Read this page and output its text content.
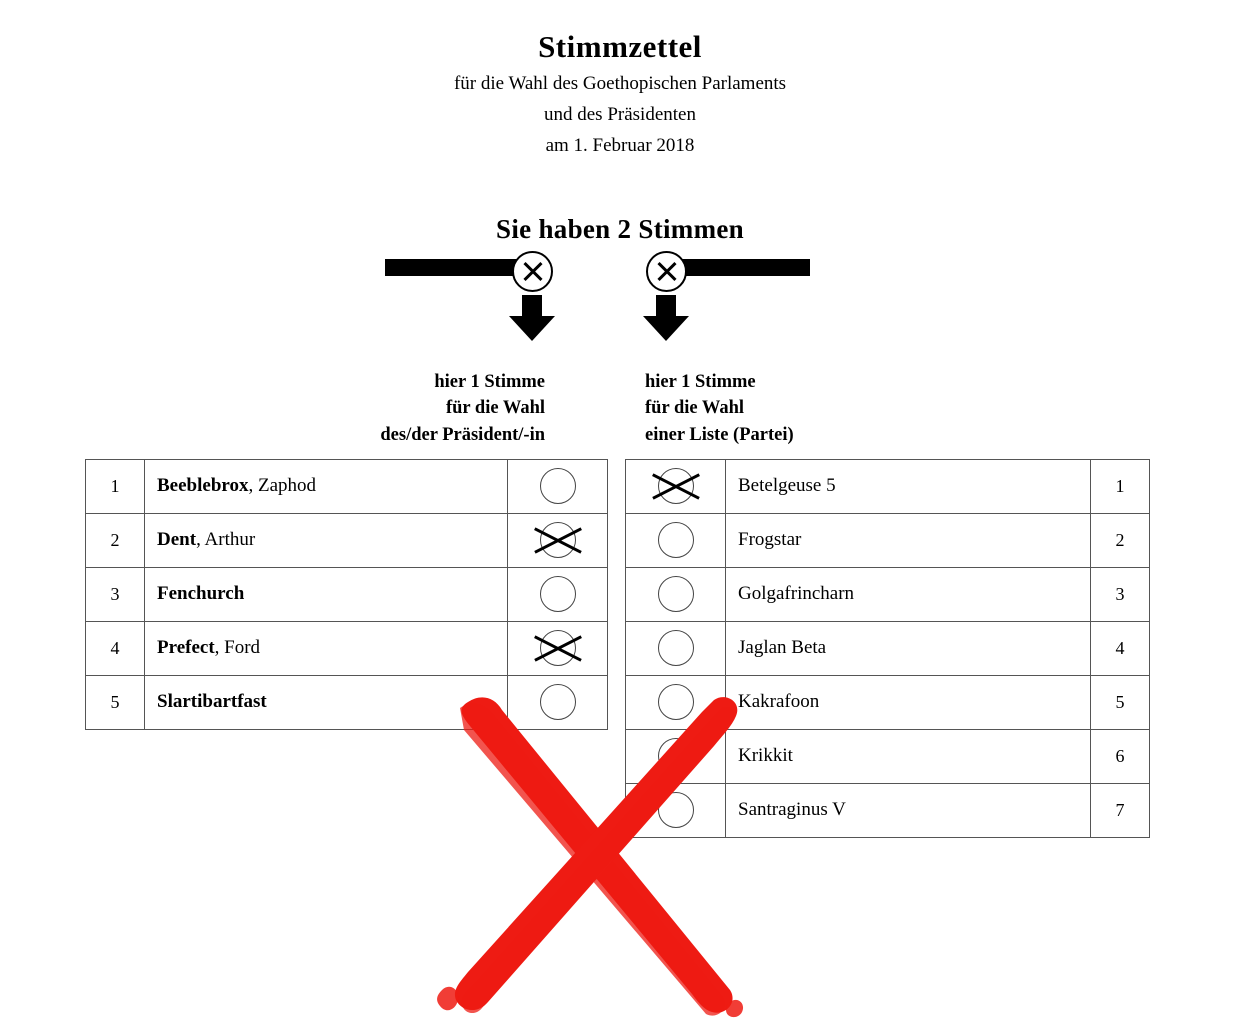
Stimmzettel
für die Wahl des Goethopischen Parlaments
und des Präsidenten
am 1. Februar 2018
Sie haben 2 Stimmen
hier 1 Stimme
für die Wahl
des/der Präsident/-in
hier 1 Stimme
für die Wahl
einer Liste (Partei)
1	Beeblebrox, Zaphod	
2	Dent, Arthur	
3	Fenchurch	
4	Prefect, Ford	
5	Slartibartfast	
	Betelgeuse 5	1
	Frogstar	2
	Golgafrincharn	3
	Jaglan Beta	4
	Kakrafoon	5
	Krikkit	6
	Santraginus V	7
